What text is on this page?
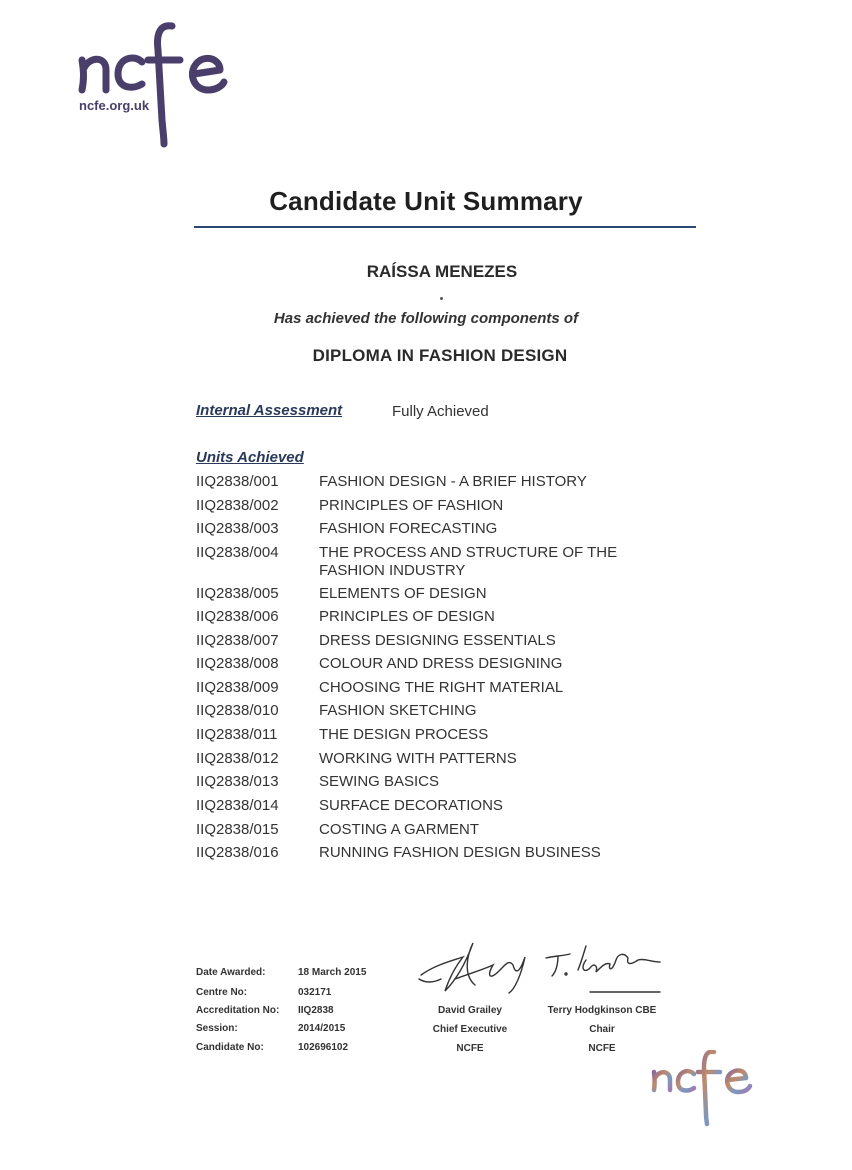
ncfe.org.uk
Candidate Unit Summary
RAÍSSA MENEZES
Has achieved the following components of
DIPLOMA IN FASHION DESIGN
Internal Assessment	Fully Achieved
Units Achieved
IIQ2838/001	FASHION DESIGN - A BRIEF HISTORY
IIQ2838/002	PRINCIPLES OF FASHION
IIQ2838/003	FASHION FORECASTING
IIQ2838/004	THE PROCESS AND STRUCTURE OF THE FASHION INDUSTRY
IIQ2838/005	ELEMENTS OF DESIGN
IIQ2838/006	PRINCIPLES OF DESIGN
IIQ2838/007	DRESS DESIGNING ESSENTIALS
IIQ2838/008	COLOUR AND DRESS DESIGNING
IIQ2838/009	CHOOSING THE RIGHT MATERIAL
IIQ2838/010	FASHION SKETCHING
IIQ2838/011	THE DESIGN PROCESS
IIQ2838/012	WORKING WITH PATTERNS
IIQ2838/013	SEWING BASICS
IIQ2838/014	SURFACE DECORATIONS
IIQ2838/015	COSTING A GARMENT
IIQ2838/016	RUNNING FASHION DESIGN BUSINESS
Date Awarded:	18 March 2015
Centre No:	032171
Accreditation No: IIQ2838
Session:	2014/2015
Candidate No:	102696102
David Grailey
Chief Executive
NCFE
Terry Hodgkinson CBE
Chair
NCFE
